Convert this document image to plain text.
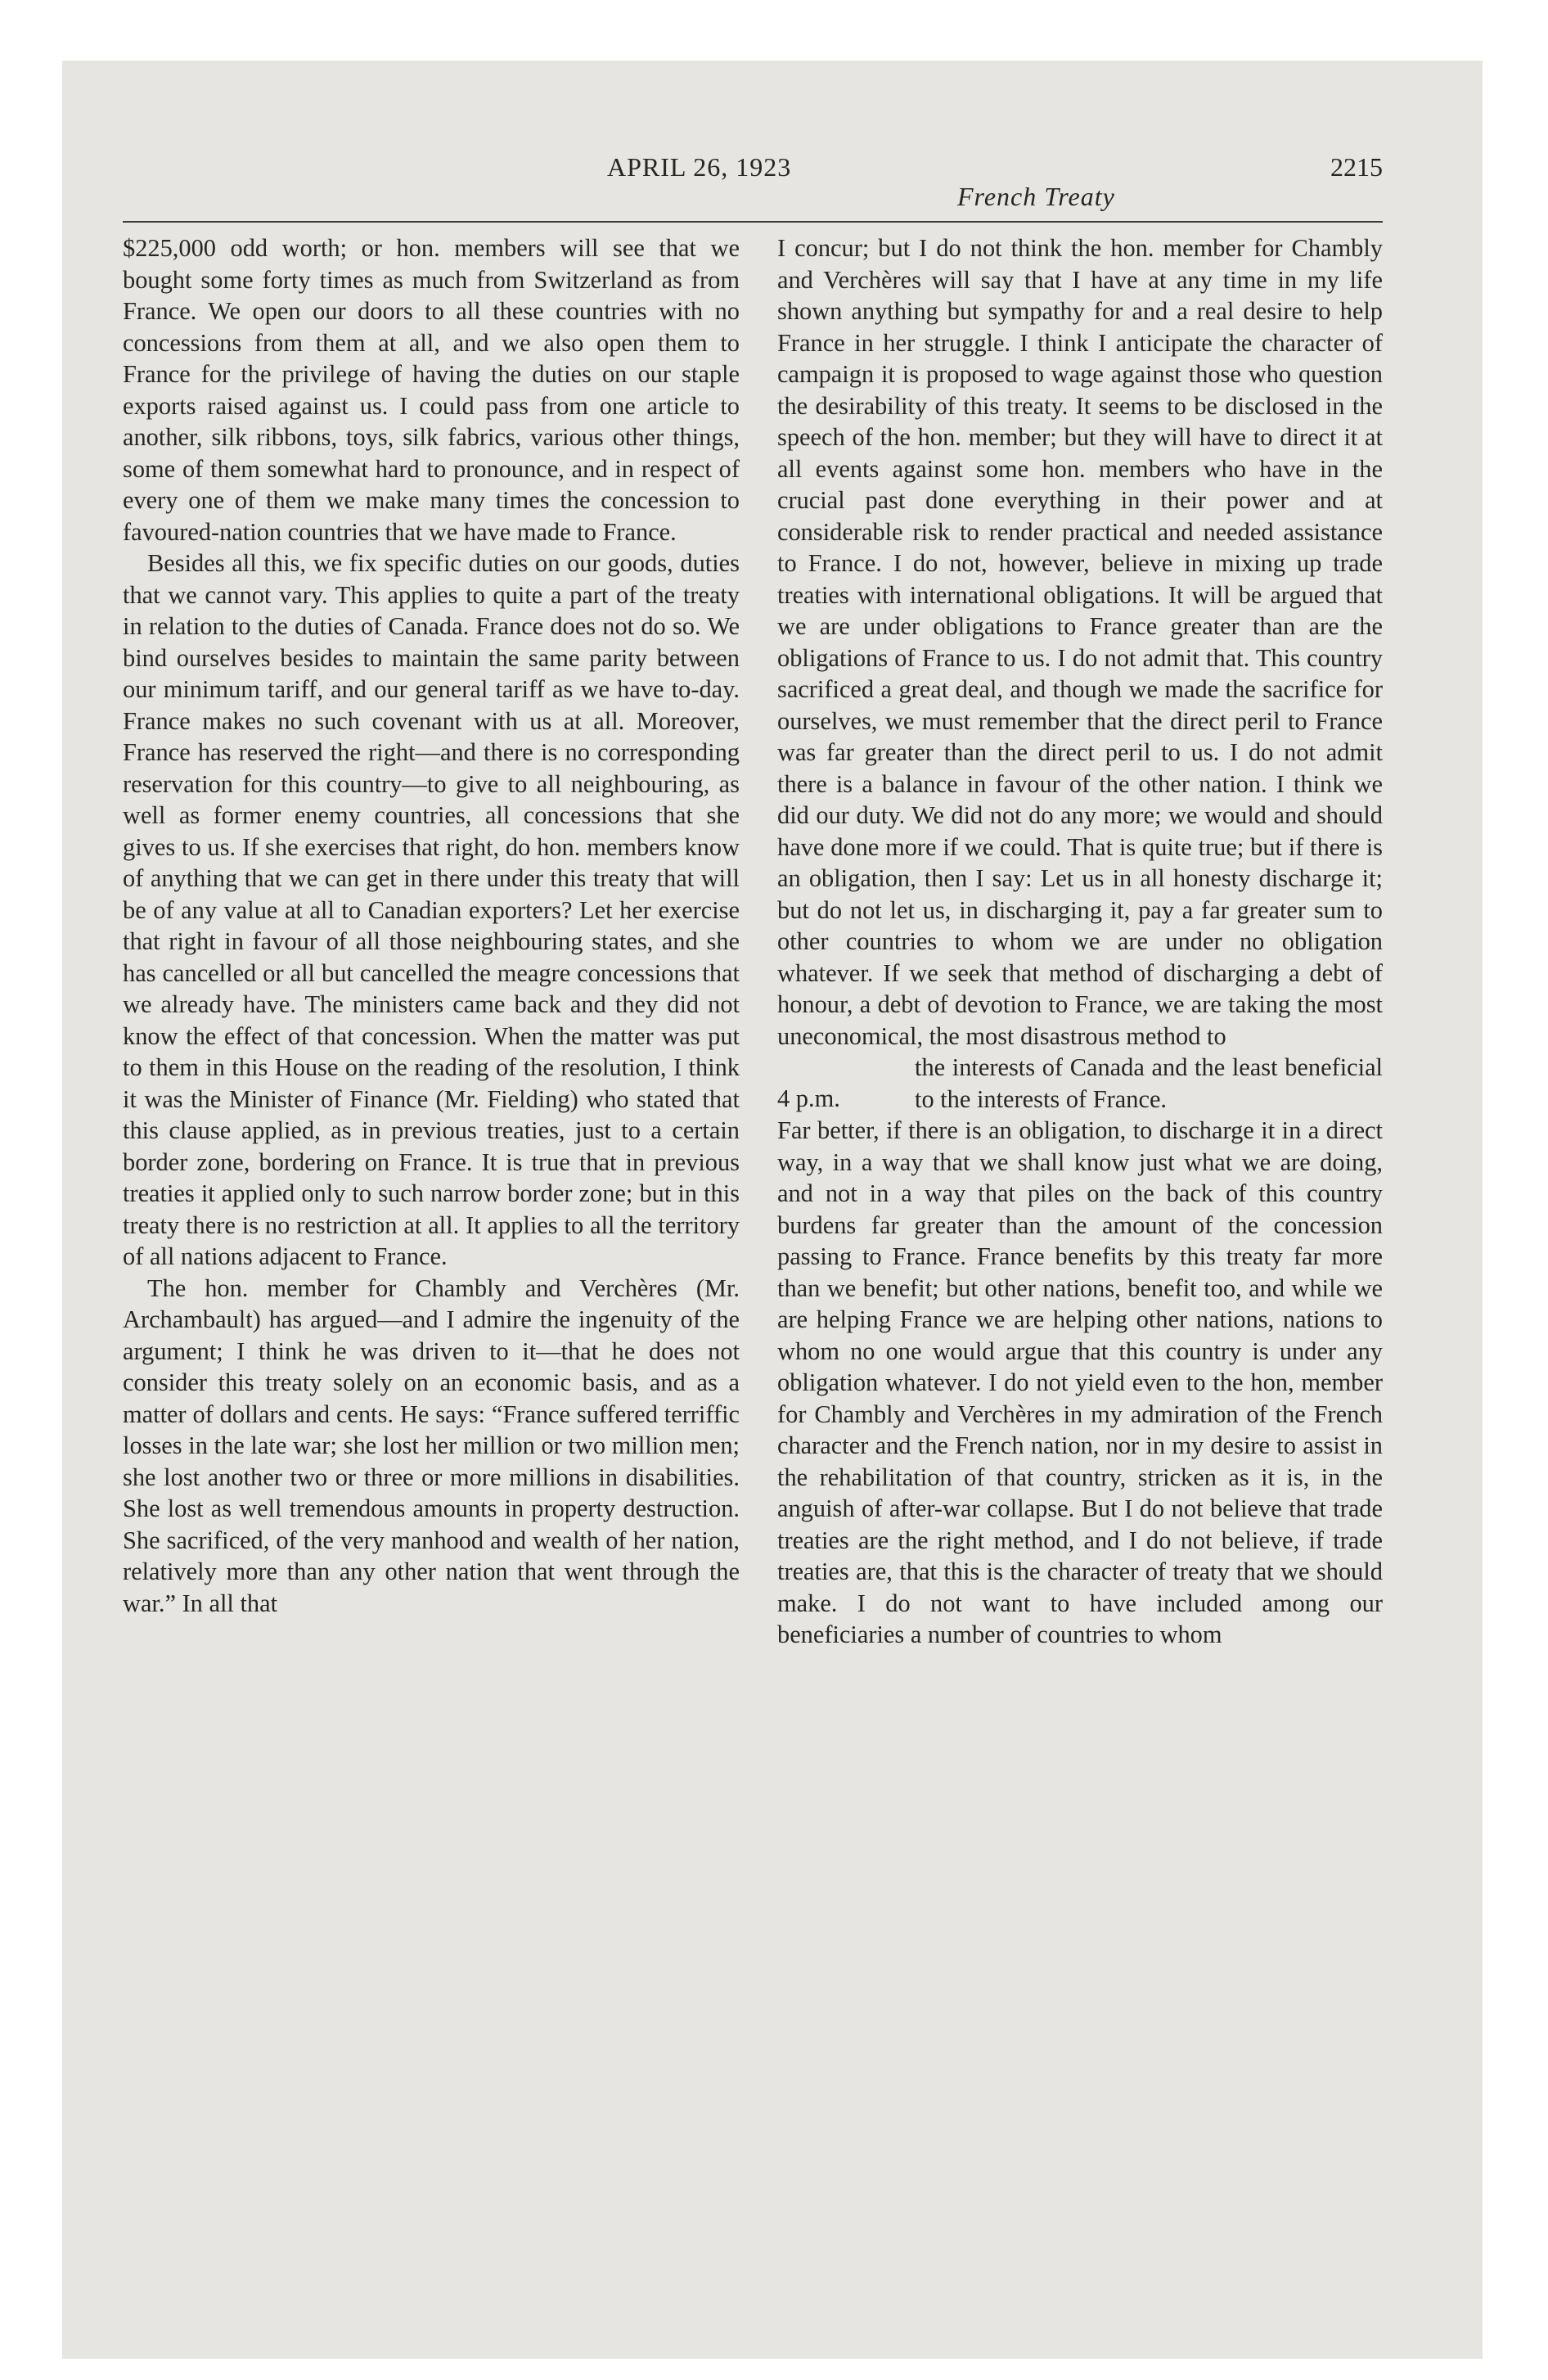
APRIL 26, 1923
French Treaty
2215

$225,000 odd worth; or hon. members will see that we bought some forty times as much from Switzerland as from France. We open our doors to all these countries with no concessions from them at all, and we also open them to France for the privilege of having the duties on our staple exports raised against us. I could pass from one article to another, silk ribbons, toys, silk fabrics, various other things, some of them somewhat hard to pronounce, and in respect of every one of them we make many times the concession to favoured-nation countries that we have made to France.

Besides all this, we fix specific duties on our goods, duties that we cannot vary. This applies to quite a part of the treaty in relation to the duties of Canada. France does not do so. We bind ourselves besides to maintain the same parity between our minimum tariff, and our general tariff as we have to-day. France makes no such covenant with us at all. Moreover, France has reserved the right—and there is no corresponding reservation for this country—to give to all neighbouring, as well as former enemy countries, all concessions that she gives to us. If she exercises that right, do hon. members know of anything that we can get in there under this treaty that will be of any value at all to Canadian exporters? Let her exercise that right in favour of all those neighbouring states, and she has cancelled or all but cancelled the meagre concessions that we already have. The ministers came back and they did not know the effect of that concession. When the matter was put to them in this House on the reading of the resolution, I think it was the Minister of Finance (Mr. Fielding) who stated that this clause applied, as in previous treaties, just to a certain border zone, bordering on France. It is true that in previous treaties it applied only to such narrow border zone; but in this treaty there is no restriction at all. It applies to all the territory of all nations adjacent to France.

The hon. member for Chambly and Verchères (Mr. Archambault) has argued—and I admire the ingenuity of the argument; I think he was driven to it—that he does not consider this treaty solely on an economic basis, and as a matter of dollars and cents. He says: “France suffered terriffic losses in the late war; she lost her million or two million men; she lost another two or three or more millions in disabilities. She lost as well tremendous amounts in property destruction. She sacrificed, of the very manhood and wealth of her nation, relatively more than any other nation that went through the war.” In all that

I concur; but I do not think the hon. member for Chambly and Verchères will say that I have at any time in my life shown anything but sympathy for and a real desire to help France in her struggle. I think I anticipate the character of campaign it is proposed to wage against those who question the desirability of this treaty. It seems to be disclosed in the speech of the hon. member; but they will have to direct it at all events against some hon. members who have in the crucial past done everything in their power and at considerable risk to render practical and needed assistance to France. I do not, however, believe in mixing up trade treaties with international obligations. It will be argued that we are under obligations to France greater than are the obligations of France to us. I do not admit that. This country sacrificed a great deal, and though we made the sacrifice for ourselves, we must remember that the direct peril to France was far greater than the direct peril to us. I do not admit there is a balance in favour of the other nation. I think we did our duty. We did not do any more; we would and should have done more if we could. That is quite true; but if there is an obligation, then I say: Let us in all honesty discharge it; but do not let us, in discharging it, pay a far greater sum to other countries to whom we are under no obligation whatever. If we seek that method of discharging a debt of honour, a debt of devotion to France, we are taking the most uneconomical, the most disastrous method to

4 p.m.

the interests of Canada and the least beneficial to the interests of France.

Far better, if there is an obligation, to discharge it in a direct way, in a way that we shall know just what we are doing, and not in a way that piles on the back of this country burdens far greater than the amount of the concession passing to France. France benefits by this treaty far more than we benefit; but other nations, benefit too, and while we are helping France we are helping other nations, nations to whom no one would argue that this country is under any obligation whatever. I do not yield even to the hon, member for Chambly and Verchères in my admiration of the French character and the French nation, nor in my desire to assist in the rehabilitation of that country, stricken as it is, in the anguish of after-war collapse. But I do not believe that trade treaties are the right method, and I do not believe, if trade treaties are, that this is the character of treaty that we should make. I do not want to have included among our beneficiaries a number of countries to whom
